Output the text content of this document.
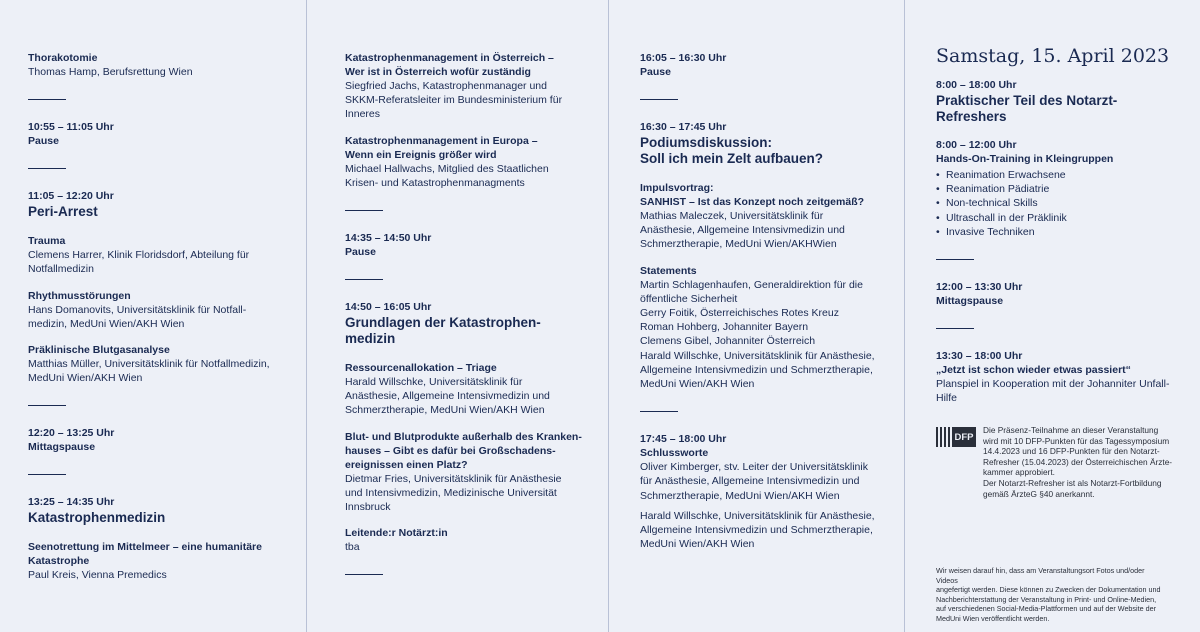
Thorakotomie

Thomas Hamp, Berufsrettung Wien

10:55 – 11:05 Uhr

Pause

11:05 – 12:20 Uhr

Peri-Arrest

Trauma

Clemens Harrer, Klinik Floridsdorf, Abteilung für

Notfallmedizin

Rhythmusstörungen

Hans Domanovits, Universitätsklinik für Notfall-

medizin, MedUni Wien/AKH Wien

Präklinische Blutgasanalyse

Matthias Müller, Universitätsklinik für Notfallmedizin,

MedUni Wien/AKH Wien

12:20 – 13:25 Uhr

Mittagspause

13:25 – 14:35 Uhr

Katastrophenmedizin

Seenotrettung im Mittelmeer – eine humanitäre

Katastrophe

Paul Kreis, Vienna Premedics

Katastrophenmanagement in Österreich –

Wer ist in Österreich wofür zuständig

Siegfried Jachs, Katastrophenmanager und

SKKM-Referatsleiter im Bundesministerium für

Inneres

Katastrophenmanagement in Europa –

Wenn ein Ereignis größer wird

Michael Hallwachs, Mitglied des Staatlichen

Krisen- und Katastrophenmanagments

14:35 – 14:50 Uhr

Pause

14:50 – 16:05 Uhr

Grundlagen der Katastrophen-

medizin

Ressourcenallokation – Triage

Harald Willschke, Universitätsklinik für

Anästhesie, Allgemeine Intensivmedizin und

Schmerztherapie, MedUni Wien/AKH Wien

Blut- und Blutprodukte außerhalb des Kranken-

hauses – Gibt es dafür bei Großschadens-

ereignissen einen Platz?

Dietmar Fries, Universitätsklinik für Anästhesie

und Intensivmedizin, Medizinische Universität

Innsbruck

Leitende:r Notärzt:in

tba

16:05 – 16:30 Uhr

Pause

16:30 – 17:45 Uhr

Podiumsdiskussion:

Soll ich mein Zelt aufbauen?

Impulsvortrag:

SANHIST – Ist das Konzept noch zeitgemäß?

Mathias Maleczek, Universitätsklinik für

Anästhesie, Allgemeine Intensivmedizin und

Schmerztherapie, MedUni Wien/AKHWien

Statements

Martin Schlagenhaufen, Generaldirektion für die

öffentliche Sicherheit

Gerry Foitik, Österreichisches Rotes Kreuz

Roman Hohberg, Johanniter Bayern

Clemens Gibel, Johanniter Österreich

Harald Willschke, Universitätsklinik für Anästhesie,

Allgemeine Intensivmedizin und Schmerztherapie,

MedUni Wien/AKH Wien

17:45 – 18:00 Uhr

Schlussworte

Oliver Kimberger, stv. Leiter der Universitätsklinik

für Anästhesie, Allgemeine Intensivmedizin und

Schmerztherapie, MedUni Wien/AKH Wien

Harald Willschke, Universitätsklinik für Anästhesie,

Allgemeine Intensivmedizin und Schmerztherapie,

MedUni Wien/AKH Wien

Samstag, 15. April 2023

8:00 – 18:00 Uhr

Praktischer Teil des Notarzt-

Refreshers

8:00 – 12:00 Uhr

Hands-On-Training in Kleingruppen

• Reanimation Erwachsene
• Reanimation Pädiatrie
• Non-technical Skills
• Ultraschall in der Präklinik
• Invasive Techniken

12:00 – 13:30 Uhr

Mittagspause

13:30 – 18:00 Uhr

„Jetzt ist schon wieder etwas passiert“

Planspiel in Kooperation mit der Johanniter Unfall-

Hilfe

DFP
Die Präsenz-Teilnahme an dieser Veranstaltung
wird mit 10 DFP-Punkten für das Tagessymposium
14.4.2023 und 16 DFP-Punkten für den Notarzt-
Refresher (15.04.2023) der Österreichischen Ärzte-
kammer approbiert.
Der Notarzt-Refresher ist als Notarzt-Fortbildung
gemäß ÄrzteG §40 anerkannt.
Wir weisen darauf hin, dass am Veranstaltungsort Fotos und/oder Videos
angefertigt werden. Diese können zu Zwecken der Dokumentation und
Nachberichterstattung der Veranstaltung in Print- und Online-Medien,
auf verschiedenen Social-Media-Plattformen und auf der Website der
MedUni Wien veröffentlicht werden.
